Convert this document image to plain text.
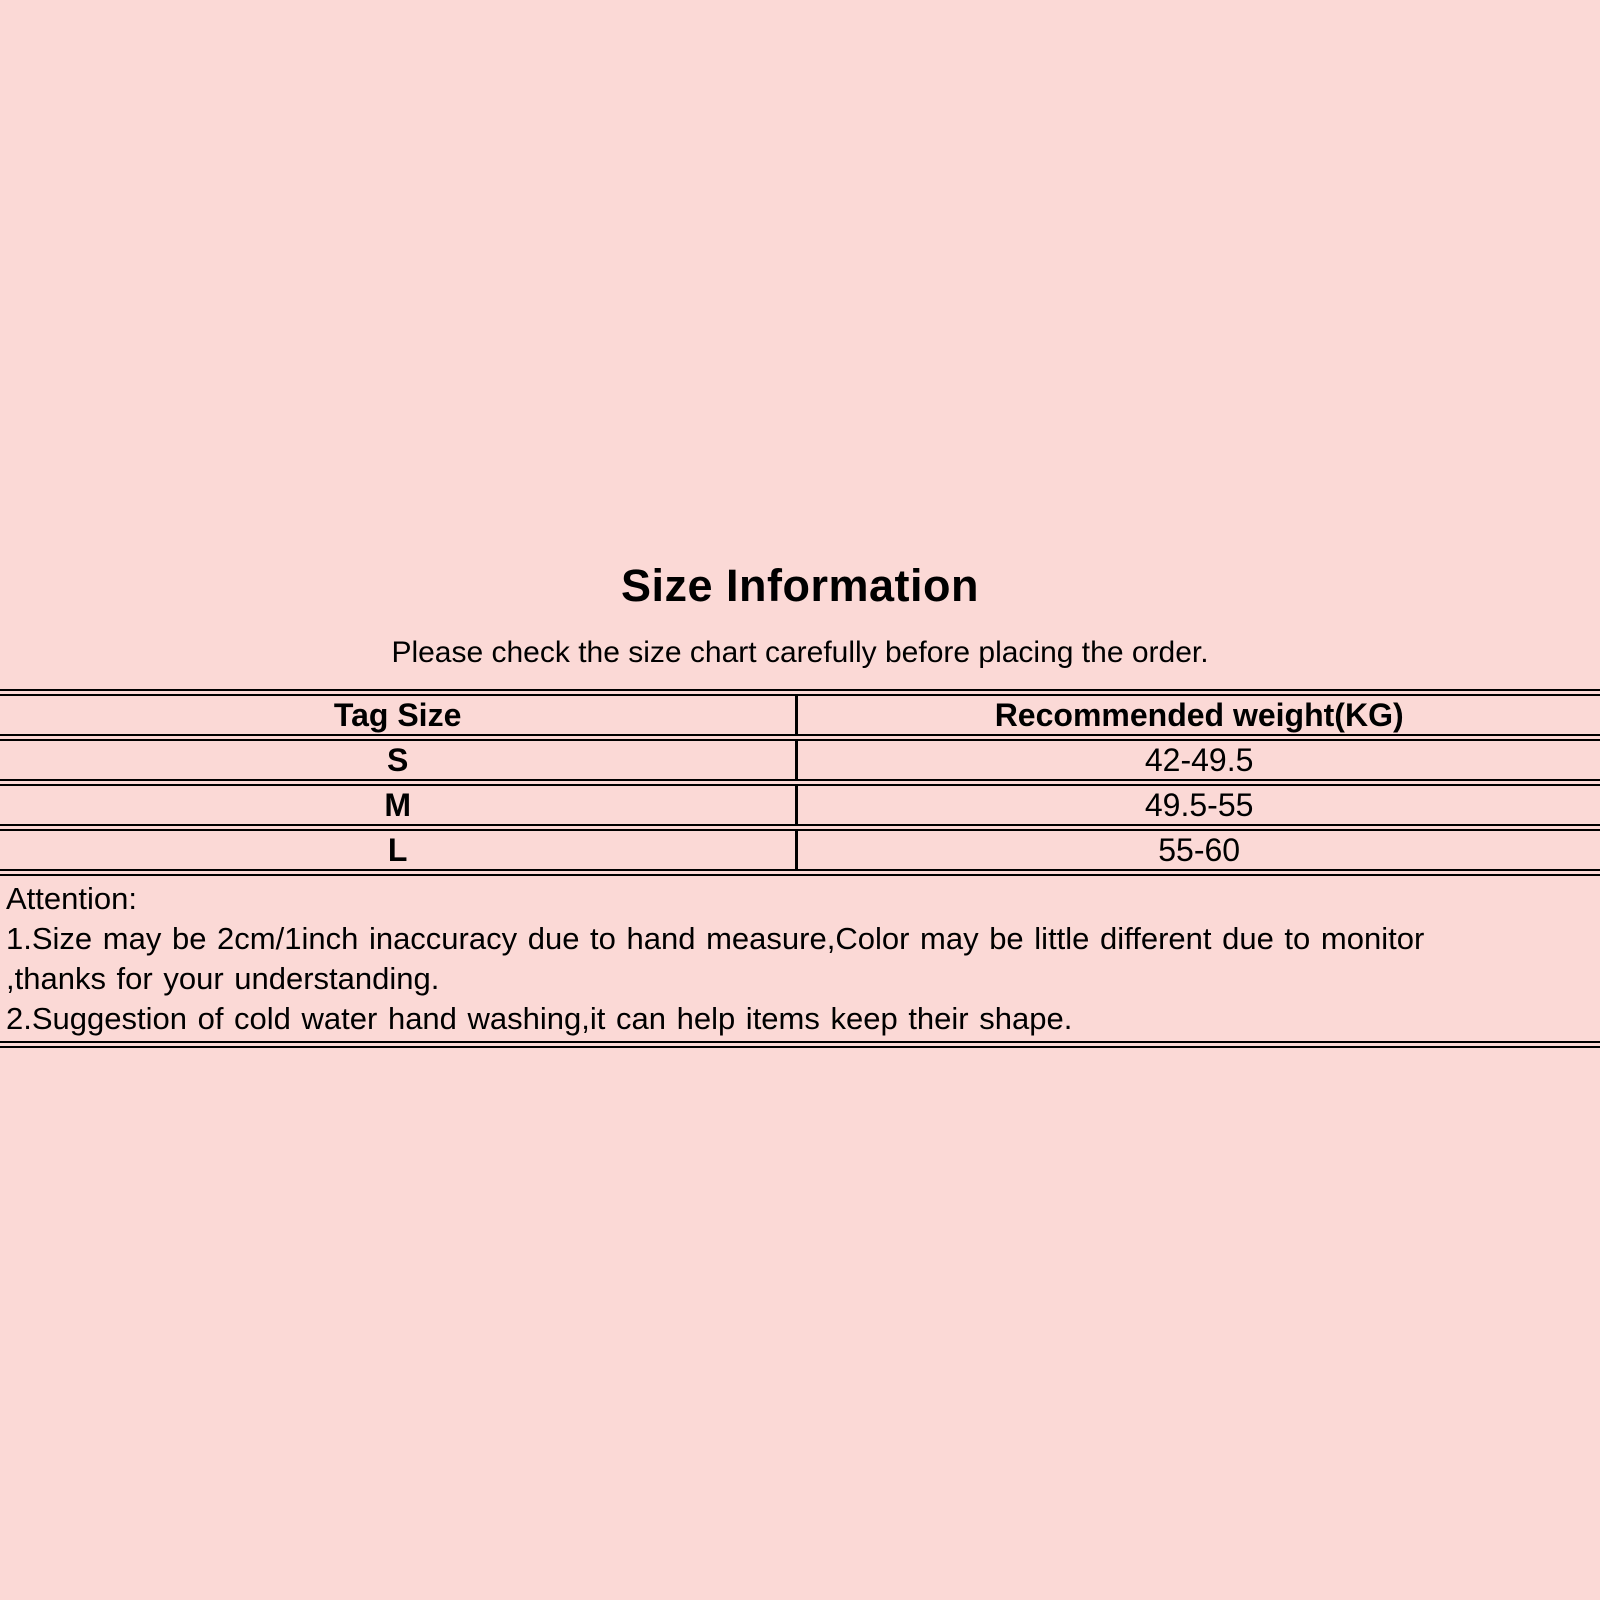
Size Information
Please check the size chart carefully before placing the order.
Tag Size	Recommended weight(KG)
S	42-49.5
M	49.5-55
L	55-60
Attention:
1.Size may be 2cm/1inch inaccuracy due to hand measure,Color may be little different due to monitor
,thanks for your understanding.
2.Suggestion of cold water hand washing,it can help items keep their shape.
